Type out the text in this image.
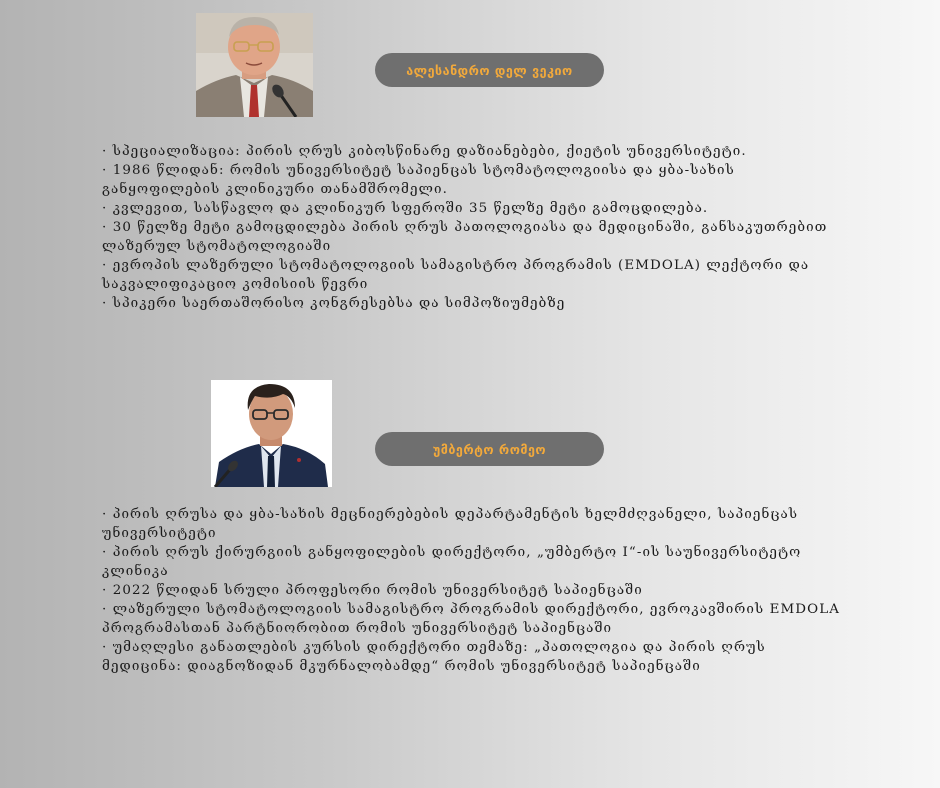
ალესანდრო დელ ვეკიო
· სპეციალიზაცია: პირის ღრუს კიბოსწინარე დაზიანებები, ქიეტის უნივერსიტეტი.
· 1986 წლიდან: რომის უნივერსიტეტ საპიენცას სტომატოლოგიისა და ყბა-სახის
განყოფილების კლინიკური თანამშრომელი.
· კვლევით, სასწავლო და კლინიკურ სფეროში 35 წელზე მეტი გამოცდილება.
· 30 წელზე მეტი გამოცდილება პირის ღრუს პათოლოგიასა და მედიცინაში, განსაკუთრებით
ლაზერულ სტომატოლოგიაში
· ევროპის ლაზერული სტომატოლოგიის სამაგისტრო პროგრამის (EMDOLA) ლექტორი და
საკვალიფიკაციო კომისიის წევრი
· სპიკერი საერთაშორისო კონგრესებსა და სიმპოზიუმებზე
უმბერტო რომეო
· პირის ღრუსა და ყბა-სახის მეცნიერებების დეპარტამენტის ხელმძღვანელი, საპიენცას
უნივერსიტეტი
· პირის ღრუს ქირურგიის განყოფილების დირექტორი, „უმბერტო I“-ის საუნივერსიტეტო
კლინიკა
· 2022 წლიდან სრული პროფესორი რომის უნივერსიტეტ საპიენცაში
· ლაზერული სტომატოლოგიის სამაგისტრო პროგრამის დირექტორი, ევროკავშირის EMDOLA
პროგრამასთან პარტნიორობით რომის უნივერსიტეტ საპიენცაში
· უმაღლესი განათლების კურსის დირექტორი თემაზე: „პათოლოგია და პირის ღრუს
მედიცინა: დიაგნოზიდან მკურნალობამდე“ რომის უნივერსიტეტ საპიენცაში
